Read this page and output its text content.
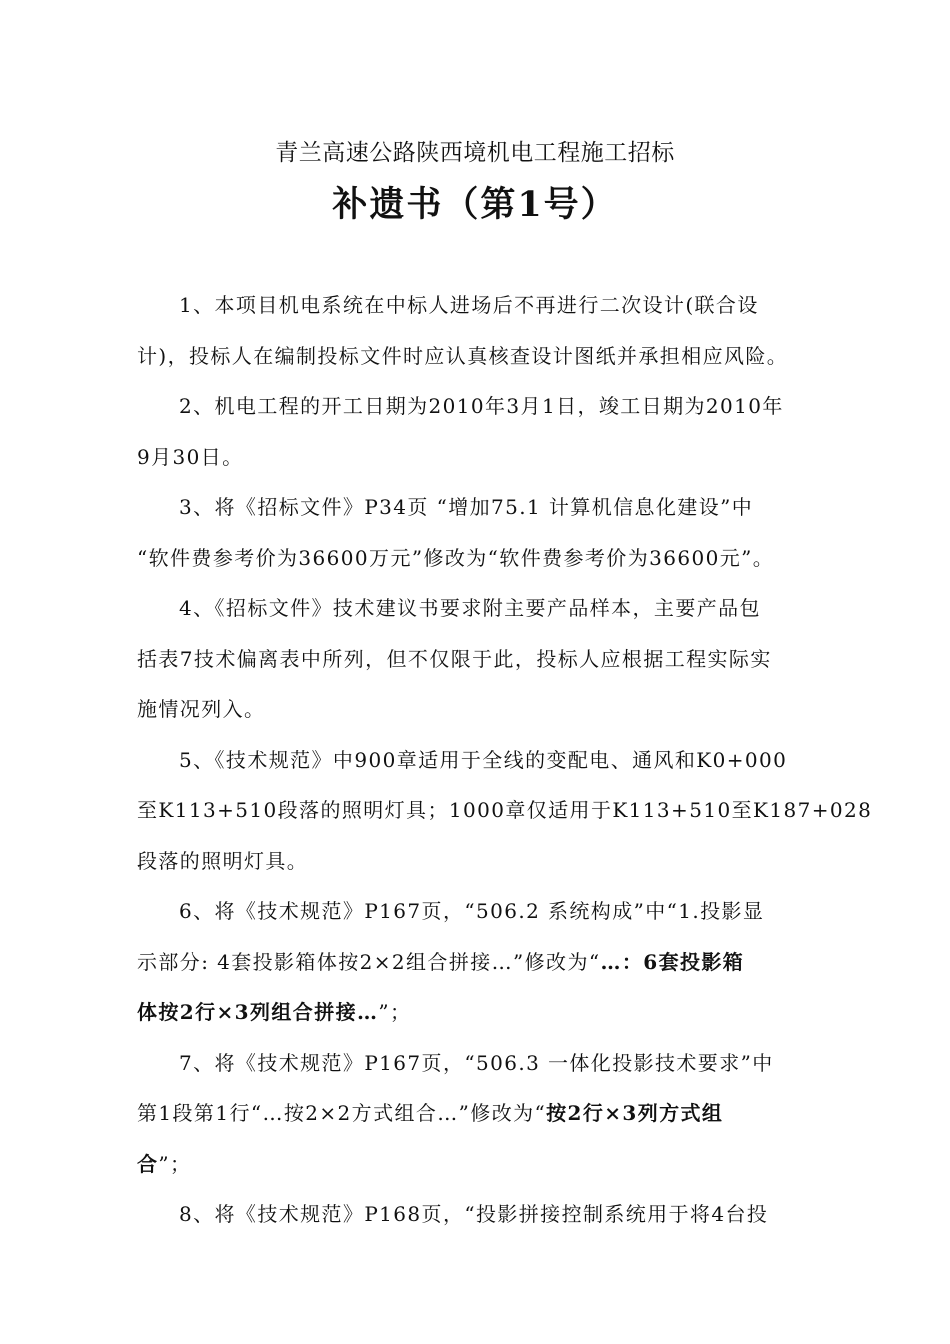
青兰高速公路陕西境机电工程施工招标
补遗书（第1号）
1、本项目机电系统在中标人进场后不再进行二次设计(联合设
计)，投标人在编制投标文件时应认真核查设计图纸并承担相应风险。
2、机电工程的开工日期为2010年3月1日，竣工日期为2010年
9月30日。
3、将《招标文件》P34页 “增加75.1 计算机信息化建设”中
“软件费参考价为36600万元”修改为“软件费参考价为36600元”。
4、《招标文件》技术建议书要求附主要产品样本，主要产品包
括表7技术偏离表中所列，但不仅限于此，投标人应根据工程实际实
施情况列入。
5、《技术规范》中900章适用于全线的变配电、通风和K0+000
至K113+510段落的照明灯具；1000章仅适用于K113+510至K187+028
段落的照明灯具。
6、将《技术规范》P167页，“506.2 系统构成”中“1.投影显
示部分: 4套投影箱体按2×2组合拼接…”修改为“…：6套投影箱
体按2行×3列组合拼接…”；
7、将《技术规范》P167页，“506.3 一体化投影技术要求”中
第1段第1行“…按2×2方式组合…”修改为“按2行×3列方式组
合”；
8、将《技术规范》P168页，“投影拼接控制系统用于将4台投
